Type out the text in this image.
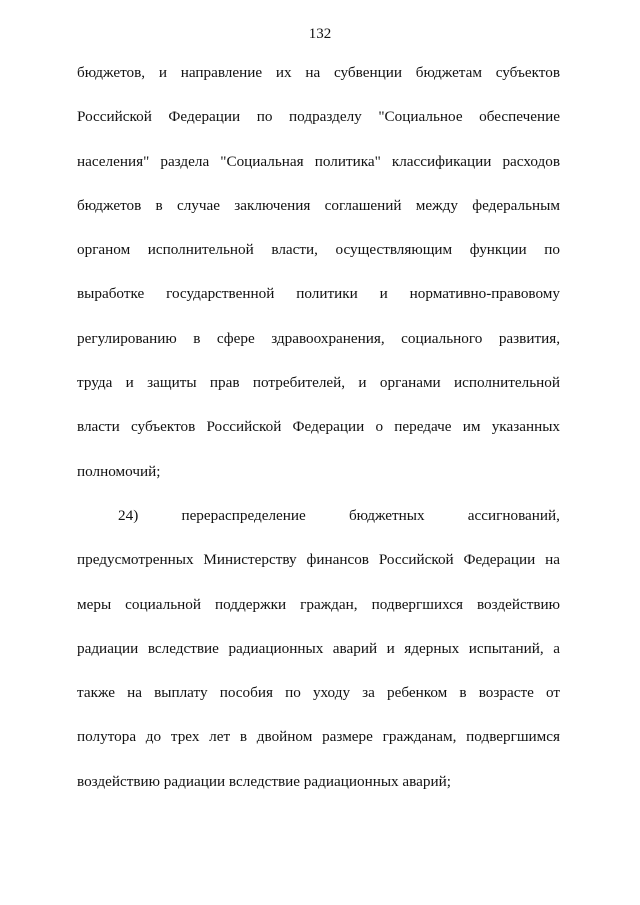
132
бюджетов, и направление их на субвенции бюджетам субъектов
Российской Федерации по подразделу "Социальное обеспечение
населения" раздела "Социальная политика" классификации расходов
бюджетов в случае заключения соглашений между федеральным
органом исполнительной власти, осуществляющим функции по
выработке государственной политики и нормативно-правовому
регулированию в сфере здравоохранения, социального развития,
труда и защиты прав потребителей, и органами исполнительной
власти субъектов Российской Федерации о передаче им указанных
полномочий;
24)	перераспределение	бюджетных	ассигнований,
предусмотренных Министерству финансов Российской Федерации на
меры социальной поддержки граждан, подвергшихся воздействию
радиации вследствие радиационных аварий и ядерных испытаний, а
также на выплату пособия по уходу за ребенком в возрасте от
полутора до трех лет в двойном размере гражданам, подвергшимся
воздействию радиации вследствие радиационных аварий;
